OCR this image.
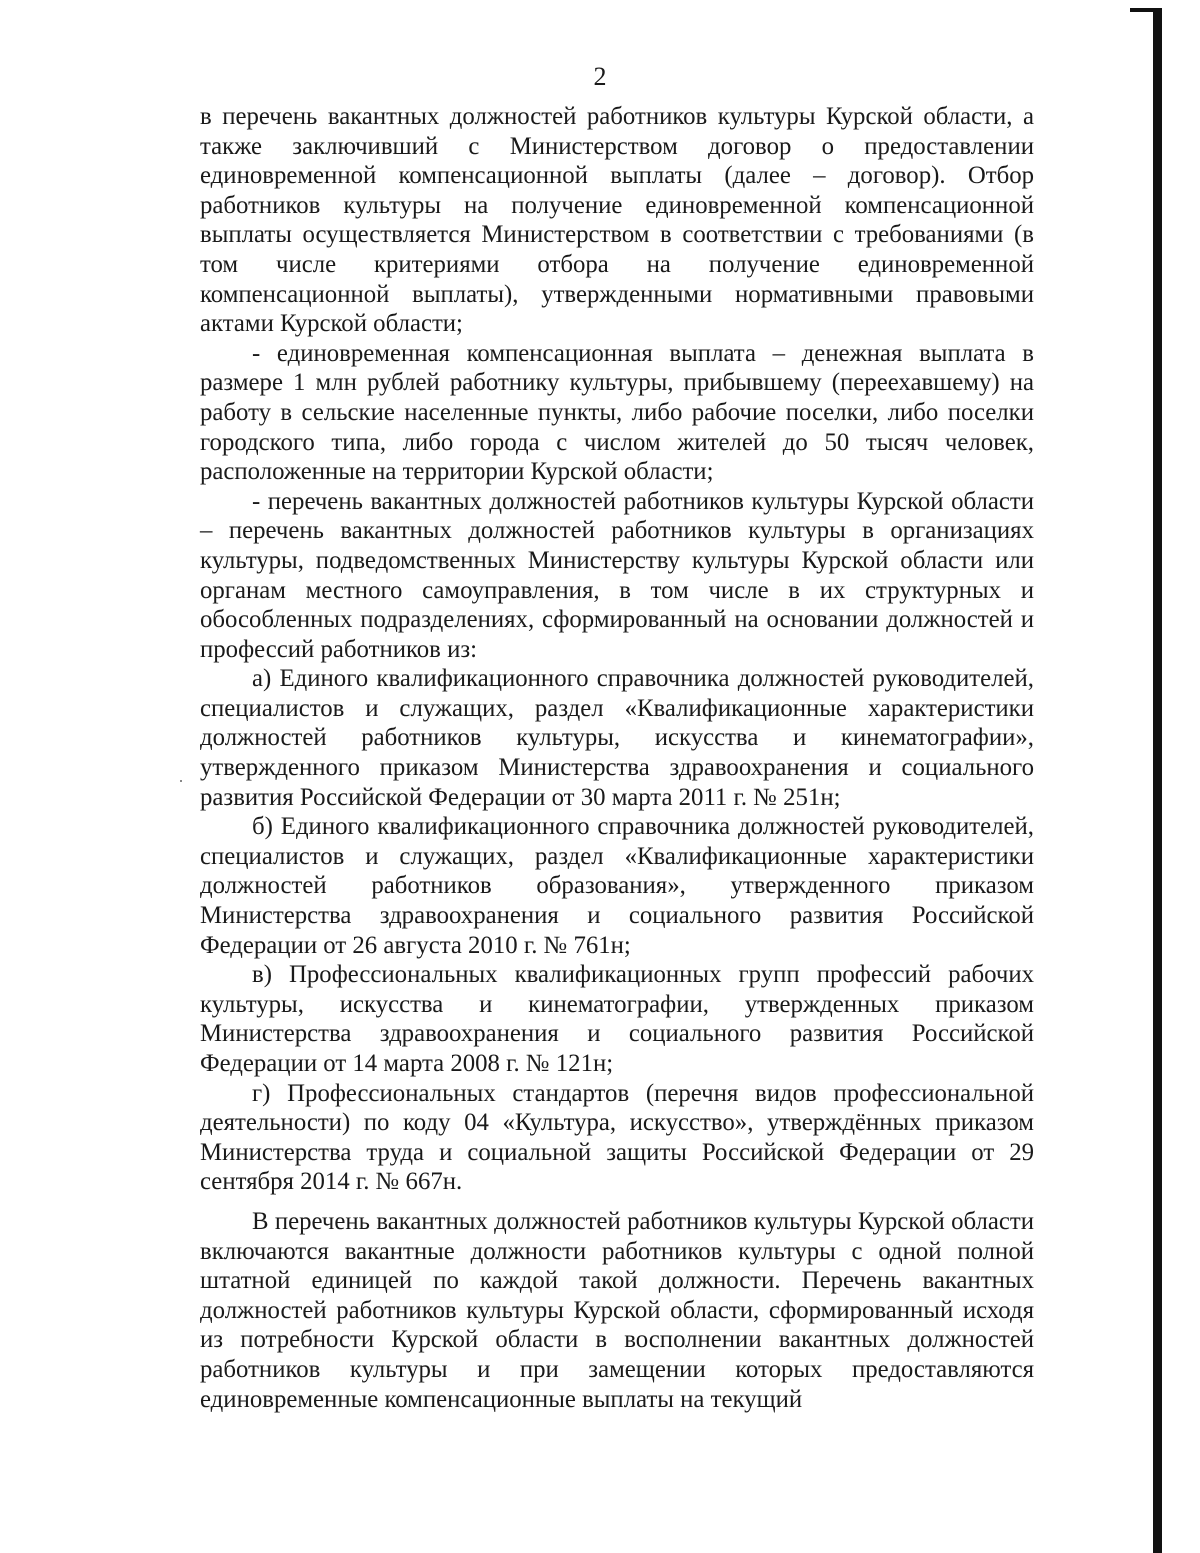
2

в перечень вакантных должностей работников культуры Курской области, а также заключивший с Министерством договор о предоставлении единовременной компенсационной выплаты (далее – договор). Отбор работников культуры на получение единовременной компенсационной выплаты осуществляется Министерством в соответствии с требованиями (в том числе критериями отбора на получение единовременной компенсационной выплаты), утвержденными нормативными правовыми актами Курской области;

- единовременная компенсационная выплата – денежная выплата в размере 1 млн рублей работнику культуры, прибывшему (переехавшему) на работу в сельские населенные пункты, либо рабочие поселки, либо поселки городского типа, либо города с числом жителей до 50 тысяч человек, расположенные на территории Курской области;

- перечень вакантных должностей работников культуры Курской области – перечень вакантных должностей работников культуры в организациях культуры, подведомственных Министерству культуры Курской области или органам местного самоуправления, в том числе в их структурных и обособленных подразделениях, сформированный на основании должностей и профессий работников из:

а) Единого квалификационного справочника должностей руководителей, специалистов и служащих, раздел «Квалификационные характеристики должностей работников культуры, искусства и кинематографии», утвержденного приказом Министерства здравоохранения и социального развития Российской Федерации от 30 марта 2011 г. № 251н;

б) Единого квалификационного справочника должностей руководителей, специалистов и служащих, раздел «Квалификационные характеристики должностей работников образования», утвержденного приказом Министерства здравоохранения и социального развития Российской Федерации от 26 августа 2010 г. № 761н;

в) Профессиональных квалификационных групп профессий рабочих культуры, искусства и кинематографии, утвержденных приказом Министерства здравоохранения и социального развития Российской Федерации от 14 марта 2008 г. № 121н;

г) Профессиональных стандартов (перечня видов профессиональной деятельности) по коду 04 «Культура, искусство», утверждённых приказом Министерства труда и социальной защиты Российской Федерации от 29 сентября 2014 г. № 667н.

В перечень вакантных должностей работников культуры Курской области включаются вакантные должности работников культуры с одной полной штатной единицей по каждой такой должности. Перечень вакантных должностей работников культуры Курской области, сформированный исходя из потребности Курской области в восполнении вакантных должностей работников культуры и при замещении которых предоставляются единовременные компенсационные выплаты на текущий
